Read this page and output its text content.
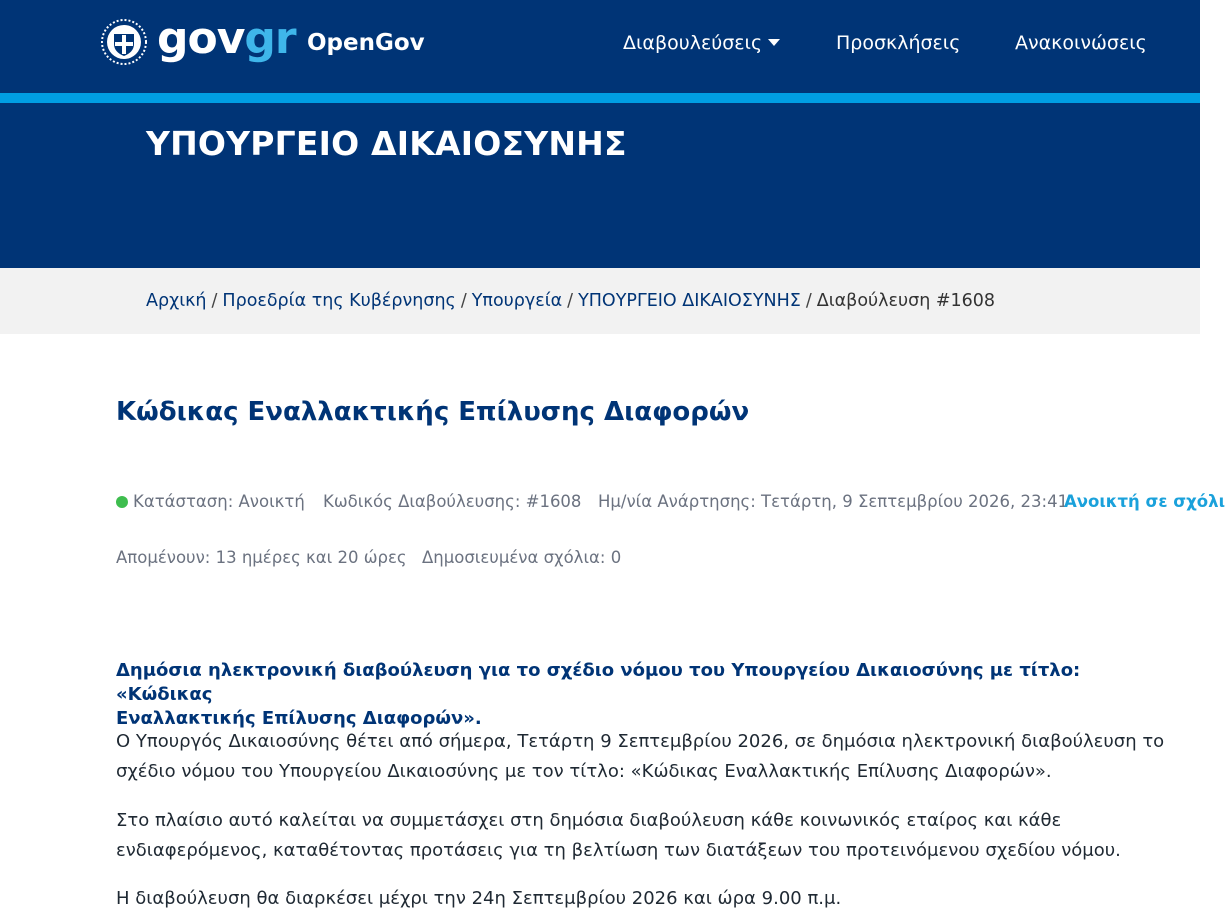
govgr OpenGov	Διαβουλεύσεις	Προσκλήσεις	Ανακοινώσεις
ΥΠΟΥΡΓΕΙΟ ΔΙΚΑΙΟΣΥΝΗΣ
Αρχική / Προεδρία της Κυβέρνησης / Υπουργεία / ΥΠΟΥΡΓΕΙΟ ΔΙΚΑΙΟΣΥΝΗΣ / Διαβούλευση #1608
Κώδικας Εναλλακτικής Επίλυσης Διαφορών
Κατάσταση: Ανοικτή Κωδικός Διαβούλευσης: #1608 Ημ/νία Ανάρτησης: Τετάρτη, 9 Σεπτεμβρίου 2026, 23:41
Ανοικτή σε σχόλι
Απομένουν: 13 ημέρες και 20 ώρες Δημοσιευμένα σχόλια: 0

Δημόσια ηλεκτρονική διαβούλευση για το σχέδιο νόμου του Υπουργείου Δικαιοσύνης με τίτλο: «Κώδικας
Εναλλακτικής Επίλυσης Διαφορών».

Ο Υπουργός Δικαιοσύνης θέτει από σήμερα, Τετάρτη 9 Σεπτεμβρίου 2026, σε δημόσια ηλεκτρονική διαβούλευση το
σχέδιο νόμου του Υπουργείου Δικαιοσύνης με τον τίτλο: «Κώδικας Εναλλακτικής Επίλυσης Διαφορών».

Στο πλαίσιο αυτό καλείται να συμμετάσχει στη δημόσια διαβούλευση κάθε κοινωνικός εταίρος και κάθε
ενδιαφερόμενος, καταθέτοντας προτάσεις για τη βελτίωση των διατάξεων του προτεινόμενου σχεδίου νόμου.

Η διαβούλευση θα διαρκέσει μέχρι την 24η Σεπτεμβρίου 2026 και ώρα 9.00 π.μ.
